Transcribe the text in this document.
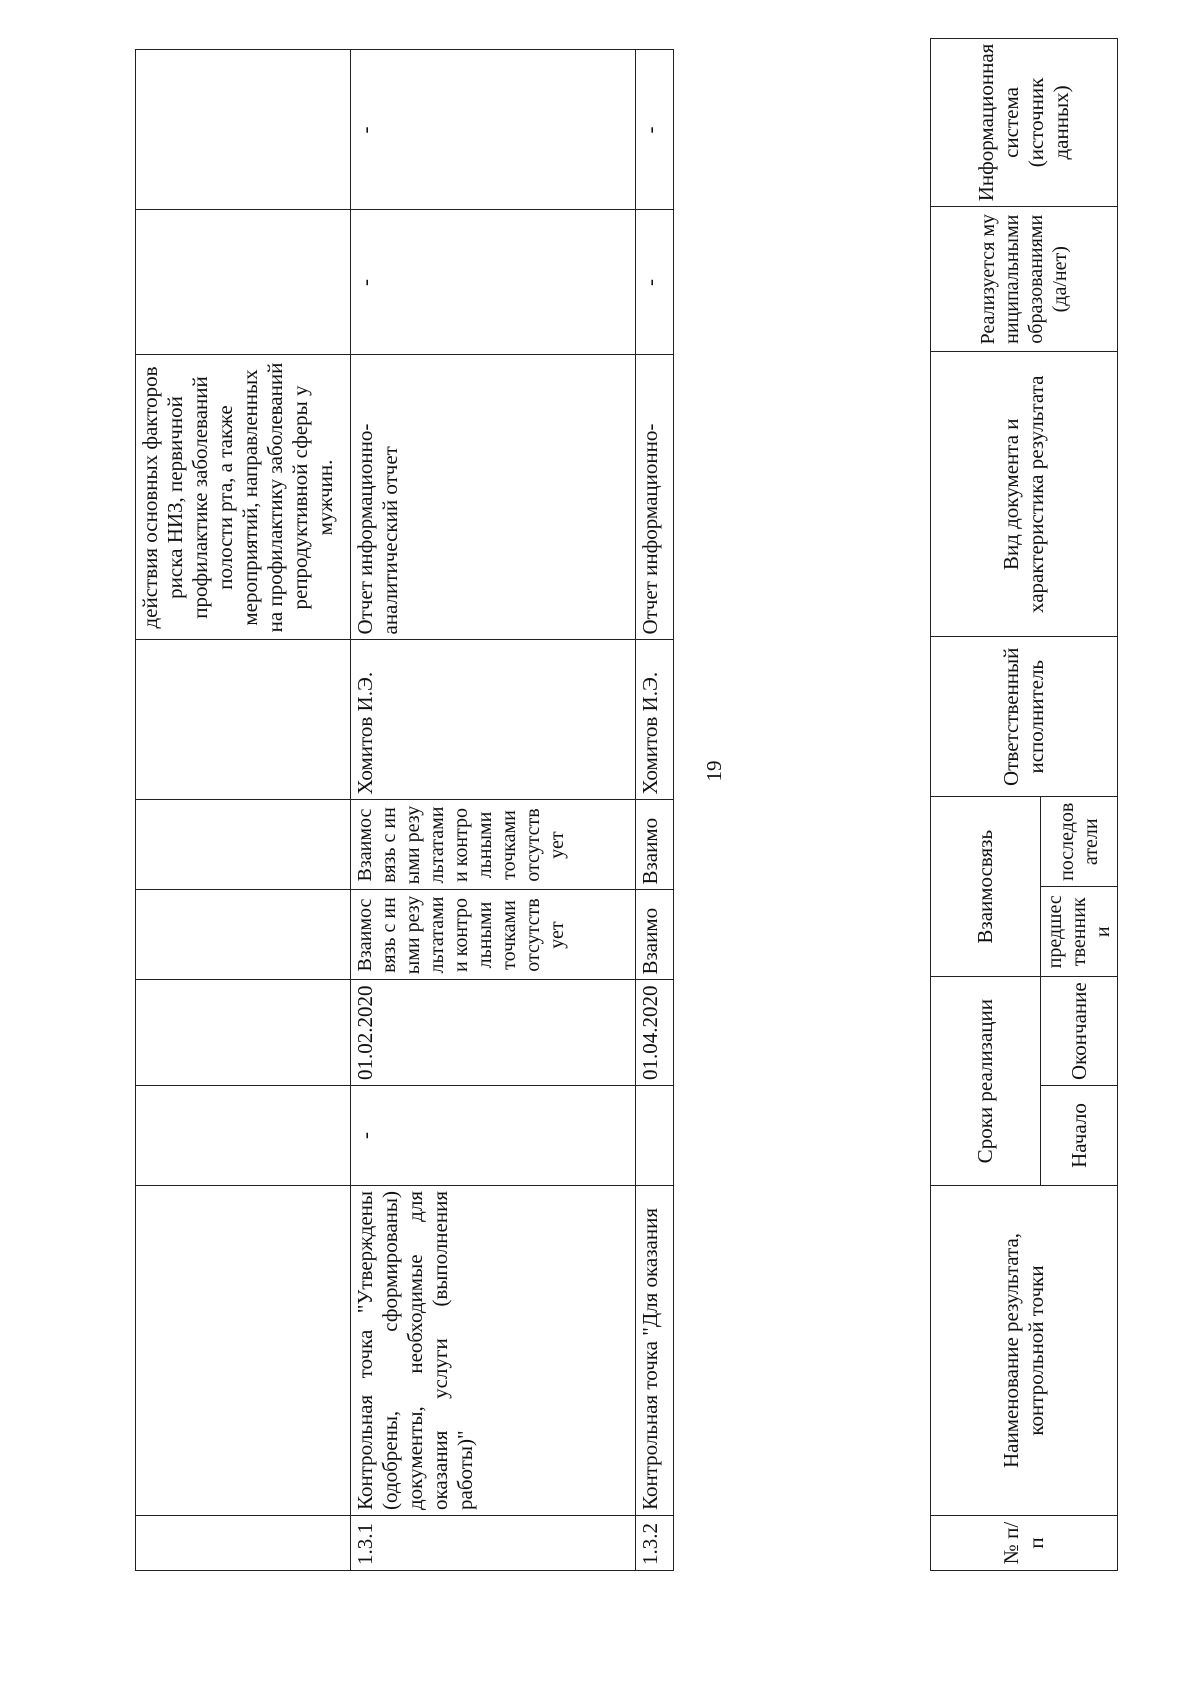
							действия основных факторов риска НИЗ, первичной профилактике заболеваний полости рта, а также мероприятий, направленных на профилактику заболеваний репродуктивной сферы у мужчин.		
1.3.1	Контрольная точка "Утверждены (одобрены, сформированы) документы, необходимые для оказания услуги (выполнения работы)"	-	01.02.2020	Взаимосвязь с иными результатами и контрольными точками отсутствует	Взаимосвязь с иными результатами и контрольными точками отсутствует	Хомитов И.Э.	Отчет информационно-аналитический отчет	-	-
1.3.2	Контрольная точка "Для оказания		01.04.2020	Взаимо	Взаимо	Хомитов И.Э.	Отчет информационно-	-	-
19
№ п/п	Наименование результата, контрольной точки	Сроки реализации		Взаимосвязь		Ответственный исполнитель	Вид документа и характеристика результата	Реализуется муниципальными образованиями (да/нет)	Информационная система (источник данных)
		Начало	Окончание	предшественники	последователи				
